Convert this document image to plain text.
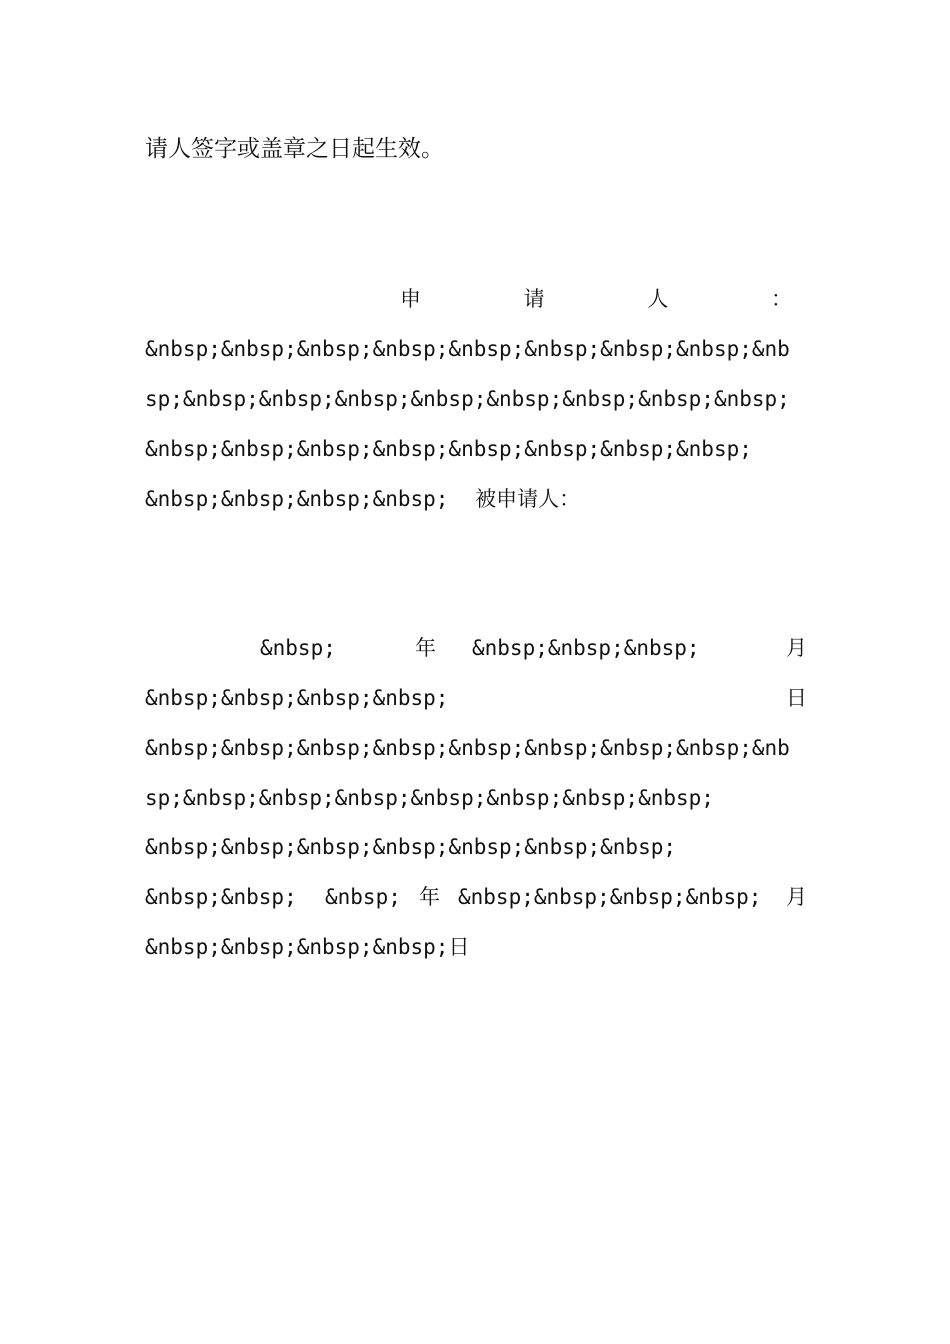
请人签字或盖章之日起生效。
申	请	人	：
&nbsp;&nbsp;&nbsp;&nbsp;&nbsp;&nbsp;&nbsp;&nbsp;&nb
sp;&nbsp;&nbsp;&nbsp;&nbsp;&nbsp;&nbsp;&nbsp;&nbsp;
&nbsp;&nbsp;&nbsp;&nbsp;&nbsp;&nbsp;&nbsp;&nbsp;
&nbsp;&nbsp;&nbsp;&nbsp; 被申请人：
&nbsp;	年 &nbsp;&nbsp;&nbsp;	月
&nbsp;&nbsp;&nbsp;&nbsp;	日
&nbsp;&nbsp;&nbsp;&nbsp;&nbsp;&nbsp;&nbsp;&nbsp;&nb
sp;&nbsp;&nbsp;&nbsp;&nbsp;&nbsp;&nbsp;&nbsp;
&nbsp;&nbsp;&nbsp;&nbsp;&nbsp;&nbsp;&nbsp;
&nbsp;&nbsp; &nbsp; 年 &nbsp;&nbsp;&nbsp;&nbsp; 月
&nbsp;&nbsp;&nbsp;&nbsp;日
